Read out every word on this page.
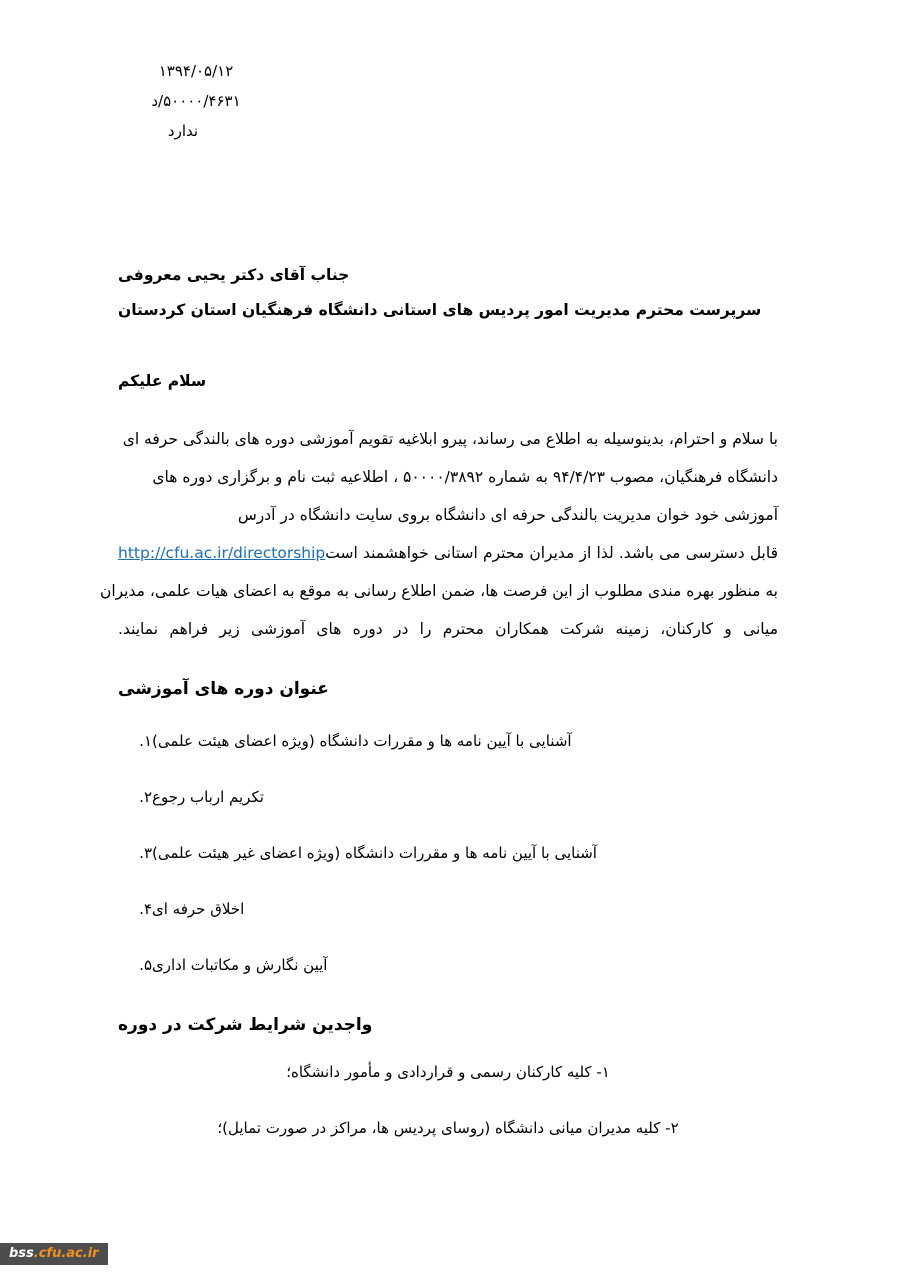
۱۳۹۴/۰۵/۱۲
۵۰۰۰۰/۴۶۳۱/د
ندارد
جناب آقای دکتر یحیی معروفی
سرپرست محترم مدیریت امور پردیس های استانی دانشگاه فرهنگیان استان کردستان
سلام علیکم
با سلام و احترام، بدینوسیله به اطلاع می رساند، پیرو ابلاغیه تقویم آموزشی دوره های بالندگی حرفه ای
دانشگاه فرهنگیان، مصوب ۹۴/۴/۲۳ به شماره ۵۰۰۰۰/۳۸۹۲ ، اطلاعیه ثبت نام و برگزاری دوره های
آموزشی خود خوان مدیریت بالندگی حرفه ای دانشگاه بروی سایت دانشگاه در آدرس
قابل دسترسی می باشد. لذا از مدیران محترم استانی خواهشمند استhttp://cfu.ac.ir/directorship
به منظور بهره مندی مطلوب از این فرصت ها، ضمن اطلاع رسانی به موقع به اعضای هیات علمی، مدیران
میانی و کارکنان، زمینه شرکت همکاران محترم را در دوره های آموزشی زیر فراهم نمایند.
عنوان دوره های آموزشی
آشنایی با آیین نامه ها و مقررات دانشگاه (ویژه اعضای هیئت علمی)
۱.
تکریم ارباب رجوع
۲.
آشنایی با آیین نامه ها و مقررات دانشگاه (ویژه اعضای غیر هیئت علمی)
۳.
اخلاق حرفه ای
۴.
آیین نگارش و مکاتبات اداری
۵.
واجدین شرایط شرکت در دوره
۱- کلیه کارکنان رسمی و قراردادی و مأمور دانشگاه؛
۲- کلیه مدیران میانی دانشگاه (روسای پردیس ها، مراکز در صورت تمایل)؛
bss.cfu.ac.ir
